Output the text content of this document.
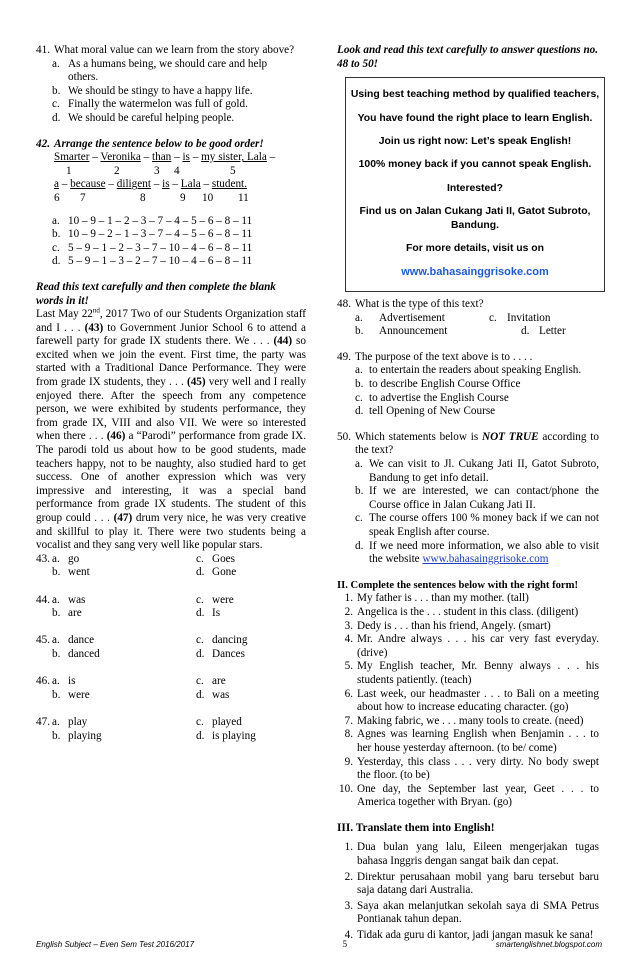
41. What moral value can we learn from the story above?
a. As a humans being, we should care and help others.
b. We should be stingy to have a happy life.
c. Finally the watermelon was full of gold.
d. We should be careful helping people.
42. Arrange the sentence below to be good order!
Smarter – Veronika – than – is – my sister, Lala –
1	2	3 4	5
a – because – diligent – is – Lala – student.
6 7	8	9 10 11
a. 10 – 9 – 1 – 2 – 3 – 7 – 4 – 5 – 6 – 8 – 11
b. 10 – 9 – 2 – 1 – 3 – 7 – 4 – 5 – 6 – 8 – 11
c. 5 – 9 – 1 – 2 – 3 – 7 – 10 – 4 – 6 – 8 – 11
d. 5 – 9 – 1 – 3 – 2 – 7 – 10 – 4 – 6 – 8 – 11
Read this text carefully and then complete the blank words in it!
Last May 22nd, 2017 Two of our Students Organization staff and I . . . (43) to Government Junior School 6 to attend a farewell party for grade IX students there. We . . . (44) so excited when we join the event. First time, the party was started with a Traditional Dance Performance. They were from grade IX students, they . . . (45) very well and I really enjoyed there. After the speech from any competence person, we were exhibited by students performance, they from grade IX, VIII and also VII. We were so interested when there . . . (46) a “Parodi” performance from grade IX. The parodi told us about how to be good students, made teachers happy, not to be naughty, also studied hard to get success. One of another expression which was very impressive and interesting, it was a special band performance from grade IX students. The student of this group could . . . (47) drum very nice, he was very creative and skillful to play it. There were two students being a vocalist and they sang very well like popular stars.
43. a. go	c. Goes
b. went	d. Gone
44. a. was	c. were
b. are	d. Is
45. a. dance	c. dancing
b. danced	d. Dances
46. a. is	c. are
b. were	d. was
47. a. play	c. played
b. playing	d. is playing
Look and read this text carefully to answer questions no. 48 to 50!
Using best teaching method by qualified teachers,
You have found the right place to learn English.
Join us right now: Let’s speak English!
100% money back if you cannot speak English.
Interested?
Find us on Jalan Cukang Jati II, Gatot Subroto, Bandung.
For more details, visit us on
www.bahasainggrisoke.com
48. What is the type of this text?
a.	Advertisement	c. Invitation
b.	Announcement	d. Letter
49. The purpose of the text above is to . . . .
a. to entertain the readers about speaking English.
b. to describe English Course Office
c. to advertise the English Course
d. tell Opening of New Course
50. Which statements below is NOT TRUE according to the text?
a. We can visit to Jl. Cukang Jati II, Gatot Subroto, Bandung to get info detail.
b. If we are interested, we can contact/phone the Course office in Jalan Cukang Jati II.
c. The course offers 100 % money back if we can not speak English after course.
d. If we need more information, we also able to visit the website www.bahasainggrisoke.com
II. Complete the sentences below with the right form!
1. My father is . . . than my mother. (tall)
2. Angelica is the . . . student in this class. (diligent)
3. Dedy is . . . than his friend, Angely. (smart)
4. Mr. Andre always . . . his car very fast everyday. (drive)
5. My English teacher, Mr. Benny always . . . his students patiently. (teach)
6. Last week, our headmaster . . . to Bali on a meeting about how to increase educating character. (go)
7. Making fabric, we . . . many tools to create. (need)
8. Agnes was learning English when Benjamin . . . to her house yesterday afternoon. (to be/ come)
9. Yesterday, this class . . . very dirty. No body swept the floor. (to be)
10. One day, the September last year, Geet . . . to America together with Bryan. (go)
III. Translate them into English!
1. Dua bulan yang lalu, Eileen mengerjakan tugas bahasa Inggris dengan sangat baik dan cepat.
2. Direktur perusahaan mobil yang baru tersebut baru saja datang dari Australia.
3. Saya akan melanjutkan sekolah saya di SMA Petrus Pontianak tahun depan.
4. Tidak ada guru di kantor, jadi jangan masuk ke sana!
English Subject – Even Sem Test 2016/2017	5	smartenglishnet.blogspot.com
